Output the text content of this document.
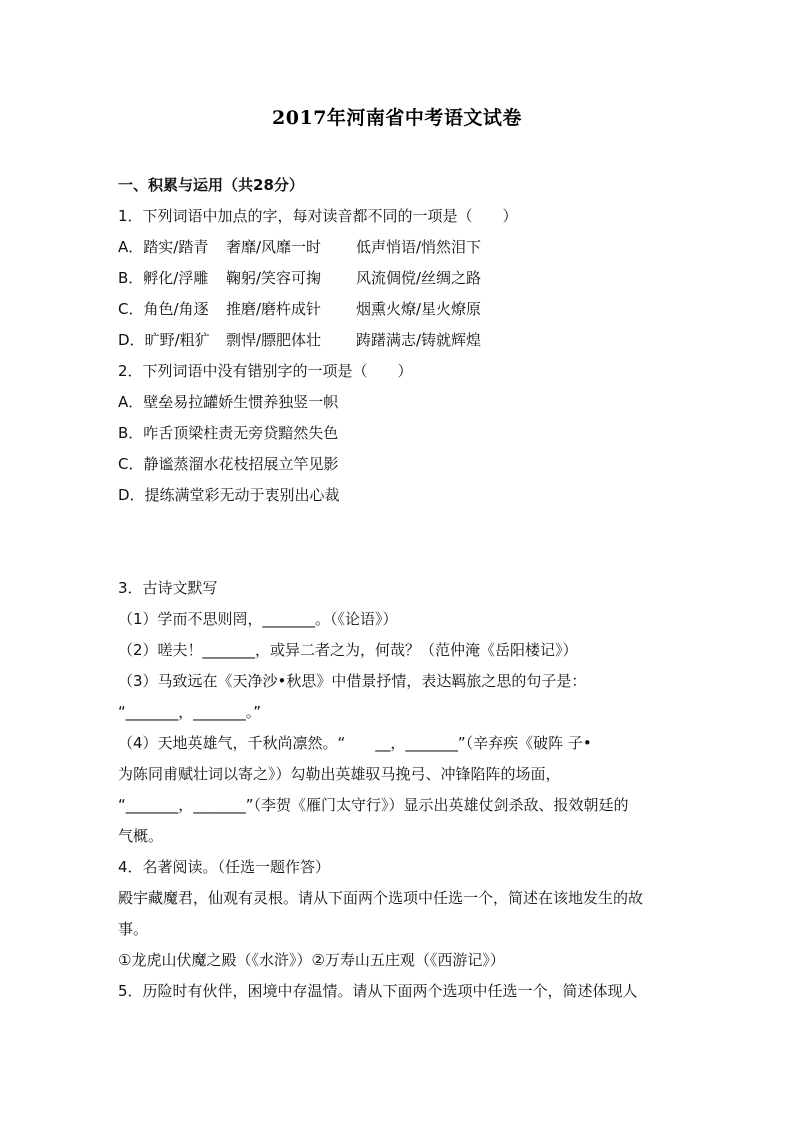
2017年河南省中考语文试卷
一、积累与运用（共28分）
1．下列词语中加点的字，每对读音都不同的一项是（　　）
A．踏实/踏青	奢靡/风靡一时	低声悄语/悄然泪下
B．孵化/浮雕	鞠躬/笑容可掬	风流倜傥/丝绸之路
C．角色/角逐	推磨/磨杵成针	烟熏火燎/星火燎原
D．旷野/粗犷	剽悍/膘肥体壮	踌躇满志/铸就辉煌
2．下列词语中没有错别字的一项是（　　）
A．壁垒易拉罐娇生惯养独竖一帜
B．咋舌顶梁柱责无旁贷黯然失色
C．静谧蒸溜水花枝招展立竿见影
D．提练满堂彩无动于衷别出心裁
3．古诗文默写
（1）学而不思则罔，_______。（《论语》）
（2）嗟夫！_______，或异二者之为，何哉？（范仲淹《岳阳楼记》）
（3）马致远在《天净沙•秋思》中借景抒情，表达羁旅之思的句子是：
“_______，_______。”
（4）天地英雄气，千秋尚凛然。“　　__，_______”（辛弃疾《破阵 子•
为陈同甫赋壮词以寄之》）勾勒出英雄驭马挽弓、冲锋陷阵的场面，
“_______，_______”（李贺《雁门太守行》）显示出英雄仗剑杀敌、报效朝廷的
气概。
4．名著阅读。（任选一题作答）
殿宇藏魔君，仙观有灵根。请从下面两个选项中任选一个，简述在该地发生的故
事。
①龙虎山伏魔之殿（《水浒》）②万寿山五庄观（《西游记》）
5．历险时有伙伴，困境中存温情。请从下面两个选项中任选一个，简述体现人
